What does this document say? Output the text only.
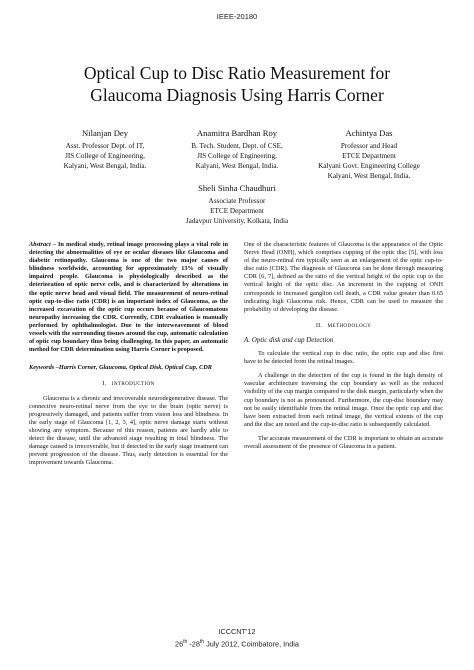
IEEE-20180
Optical Cup to Disc Ratio Measurement for
Glaucoma Diagnosis Using Harris Corner
Nilanjan Dey
Asst. Professor Dept. of IT,
JIS College of Engineering,
Kalyani, West Bengal, India.
Anamitra Bardhan Roy
B. Tech. Student, Dept. of CSE,
JIS College of Engineering,
Kalyani, West Bengal, India.
Achintya Das
Professor and Head
ETCE Department
Kalyani Govt. Engineering College
Kalyani, West Bengal, India.
Sheli Sinha Chaudhuri
Associate Professor
ETCE Department
Jadavpur University, Kolkata, India

Abstract – In medical study, retinal image processing plays a vital role in detecting the abnormalities of eye or ocular diseases like Glaucoma and diabetic retinopathy. Glaucoma is one of the two major causes of blindness worldwide, accounting for approximately 13% of visually impaired people. Glaucoma is physiologically described as the deterioration of optic nerve cells, and is characterized by alterations in the optic nerve head and visual field. The measurement of neuro-retinal optic cup-to-disc ratio (CDR) is an important index of Glaucoma, as the increased excavation of the optic cup occurs because of Glaucomatous neuropathy increasing the CDR. Currently, CDR evaluation is manually performed by ophthalmologist. Due to the interweavement of blood vessels with the surrounding tissues around the cup, automatic calculation of optic cup boundary thus being challenging. In this paper, an automatic method for CDR determination using Harris Corner is proposed.

Keywords –Harris Corner, Glaucoma, Optical Disk, Optical Cup, CDR

I. INTRODUCTION

Glaucoma is a chronic and irrecoverable neurodegenerative disease. The connective neuro-retinal nerve from the eye to the brain (optic nerve) is progressively damaged, and patients suffer from vision loss and blindness. In the early stage of Glaucoma [1, 2, 3, 4], optic nerve damage starts without showing any symptom. Because of this reason, patients are hardly able to detect the disease, until the advanced stage resulting in total blindness. The damage caused is irrecoverable, but if detected in the early stage treatment can prevent progression of the disease. Thus, early detection is essential for the improvement towards Glaucoma.

One of the characteristic features of Glaucoma is the appearance of the Optic Nerve Head (ONH), which comprises cupping of the optic disc [5], with loss of the neuro-retinal rim typically seen as an enlargement of the optic cup-to-disc ratio (CDR). The diagnosis of Glaucoma can be done through measuring CDR [6, 7], defined as the ratio of the vertical height of the optic cup to the vertical height of the optic disc. An increment in the cupping of ONH corresponds to increased ganglion cell death, a CDR value greater than 0.65 indicating high Glaucoma risk. Hence, CDR can be used to measure the probability of developing the disease.

II. METHODOLOGY

A. Optic disk and cup Detection

To calculate the vertical cup to disc ratio, the optic cup and disc first have to be detected from the retinal images.

A challenge in the detection of the cup is found in the high density of vascular architecture traversing the cup boundary as well as the reduced visibility of the cup margin compared to the disk margin, particularly when the cup boundary is not as pronounced. Furthermore, the cup-disc boundary may not be easily identifiable from the retinal image. Once the optic cup and disc have been extracted from each retinal image, the vertical extents of the cup and the disc are noted and the cup-to-disc ratio is subsequently calculated.

The accurate measurement of the CDR is important to obtain an accurate overall assessment of the presence of Glaucoma in a patient.

ICCCNT'12
26th -28th July 2012, Coimbatore, India
